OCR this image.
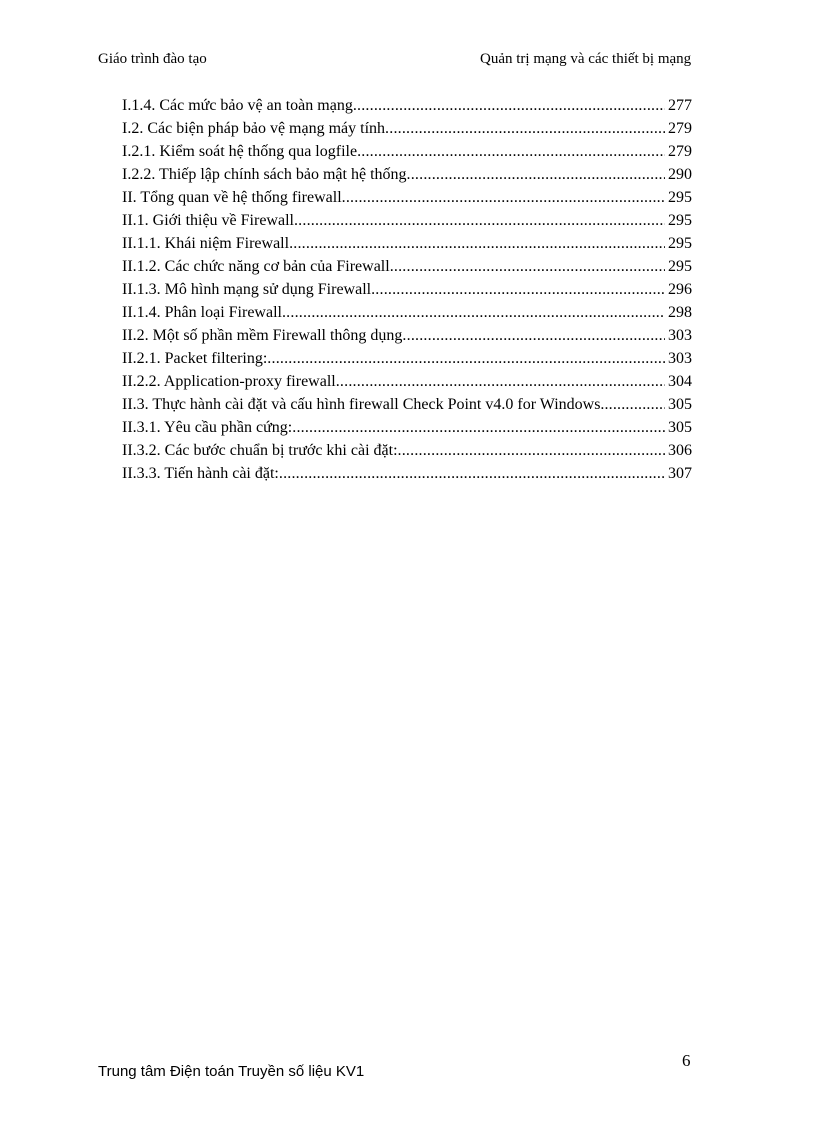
Giáo trình đào tạo	Quản trị mạng và các thiết bị mạng
I.1.4. Các mức bảo vệ an toàn mạng .....	277
I.2. Các biện pháp bảo vệ mạng máy tính .....	279
I.2.1. Kiểm soát hệ thống qua logfile .....	279
I.2.2. Thiếp lập chính sách bảo mật hệ thống .....	290
II. Tổng quan về hệ thống firewall .....	295
II.1. Giới thiệu về Firewall .....	295
II.1.1. Khái niệm Firewall .....	295
II.1.2. Các chức năng cơ bản của Firewall .....	295
II.1.3. Mô hình mạng sử dụng Firewall .....	296
II.1.4. Phân loại Firewall .....	298
II.2. Một số phần mềm Firewall thông dụng .....	303
II.2.1. Packet filtering: .....	303
II.2.2. Application-proxy firewall .....	304
II.3. Thực hành cài đặt và cấu hình firewall Check Point v4.0 for Windows. .....	305
II.3.1. Yêu cầu phần cứng: .....	305
II.3.2. Các bước chuẩn bị trước khi cài đặt: .....	306
II.3.3. Tiến hành cài đặt: .....	307
6
Trung tâm Điện toán Truyền số liệu KV1
